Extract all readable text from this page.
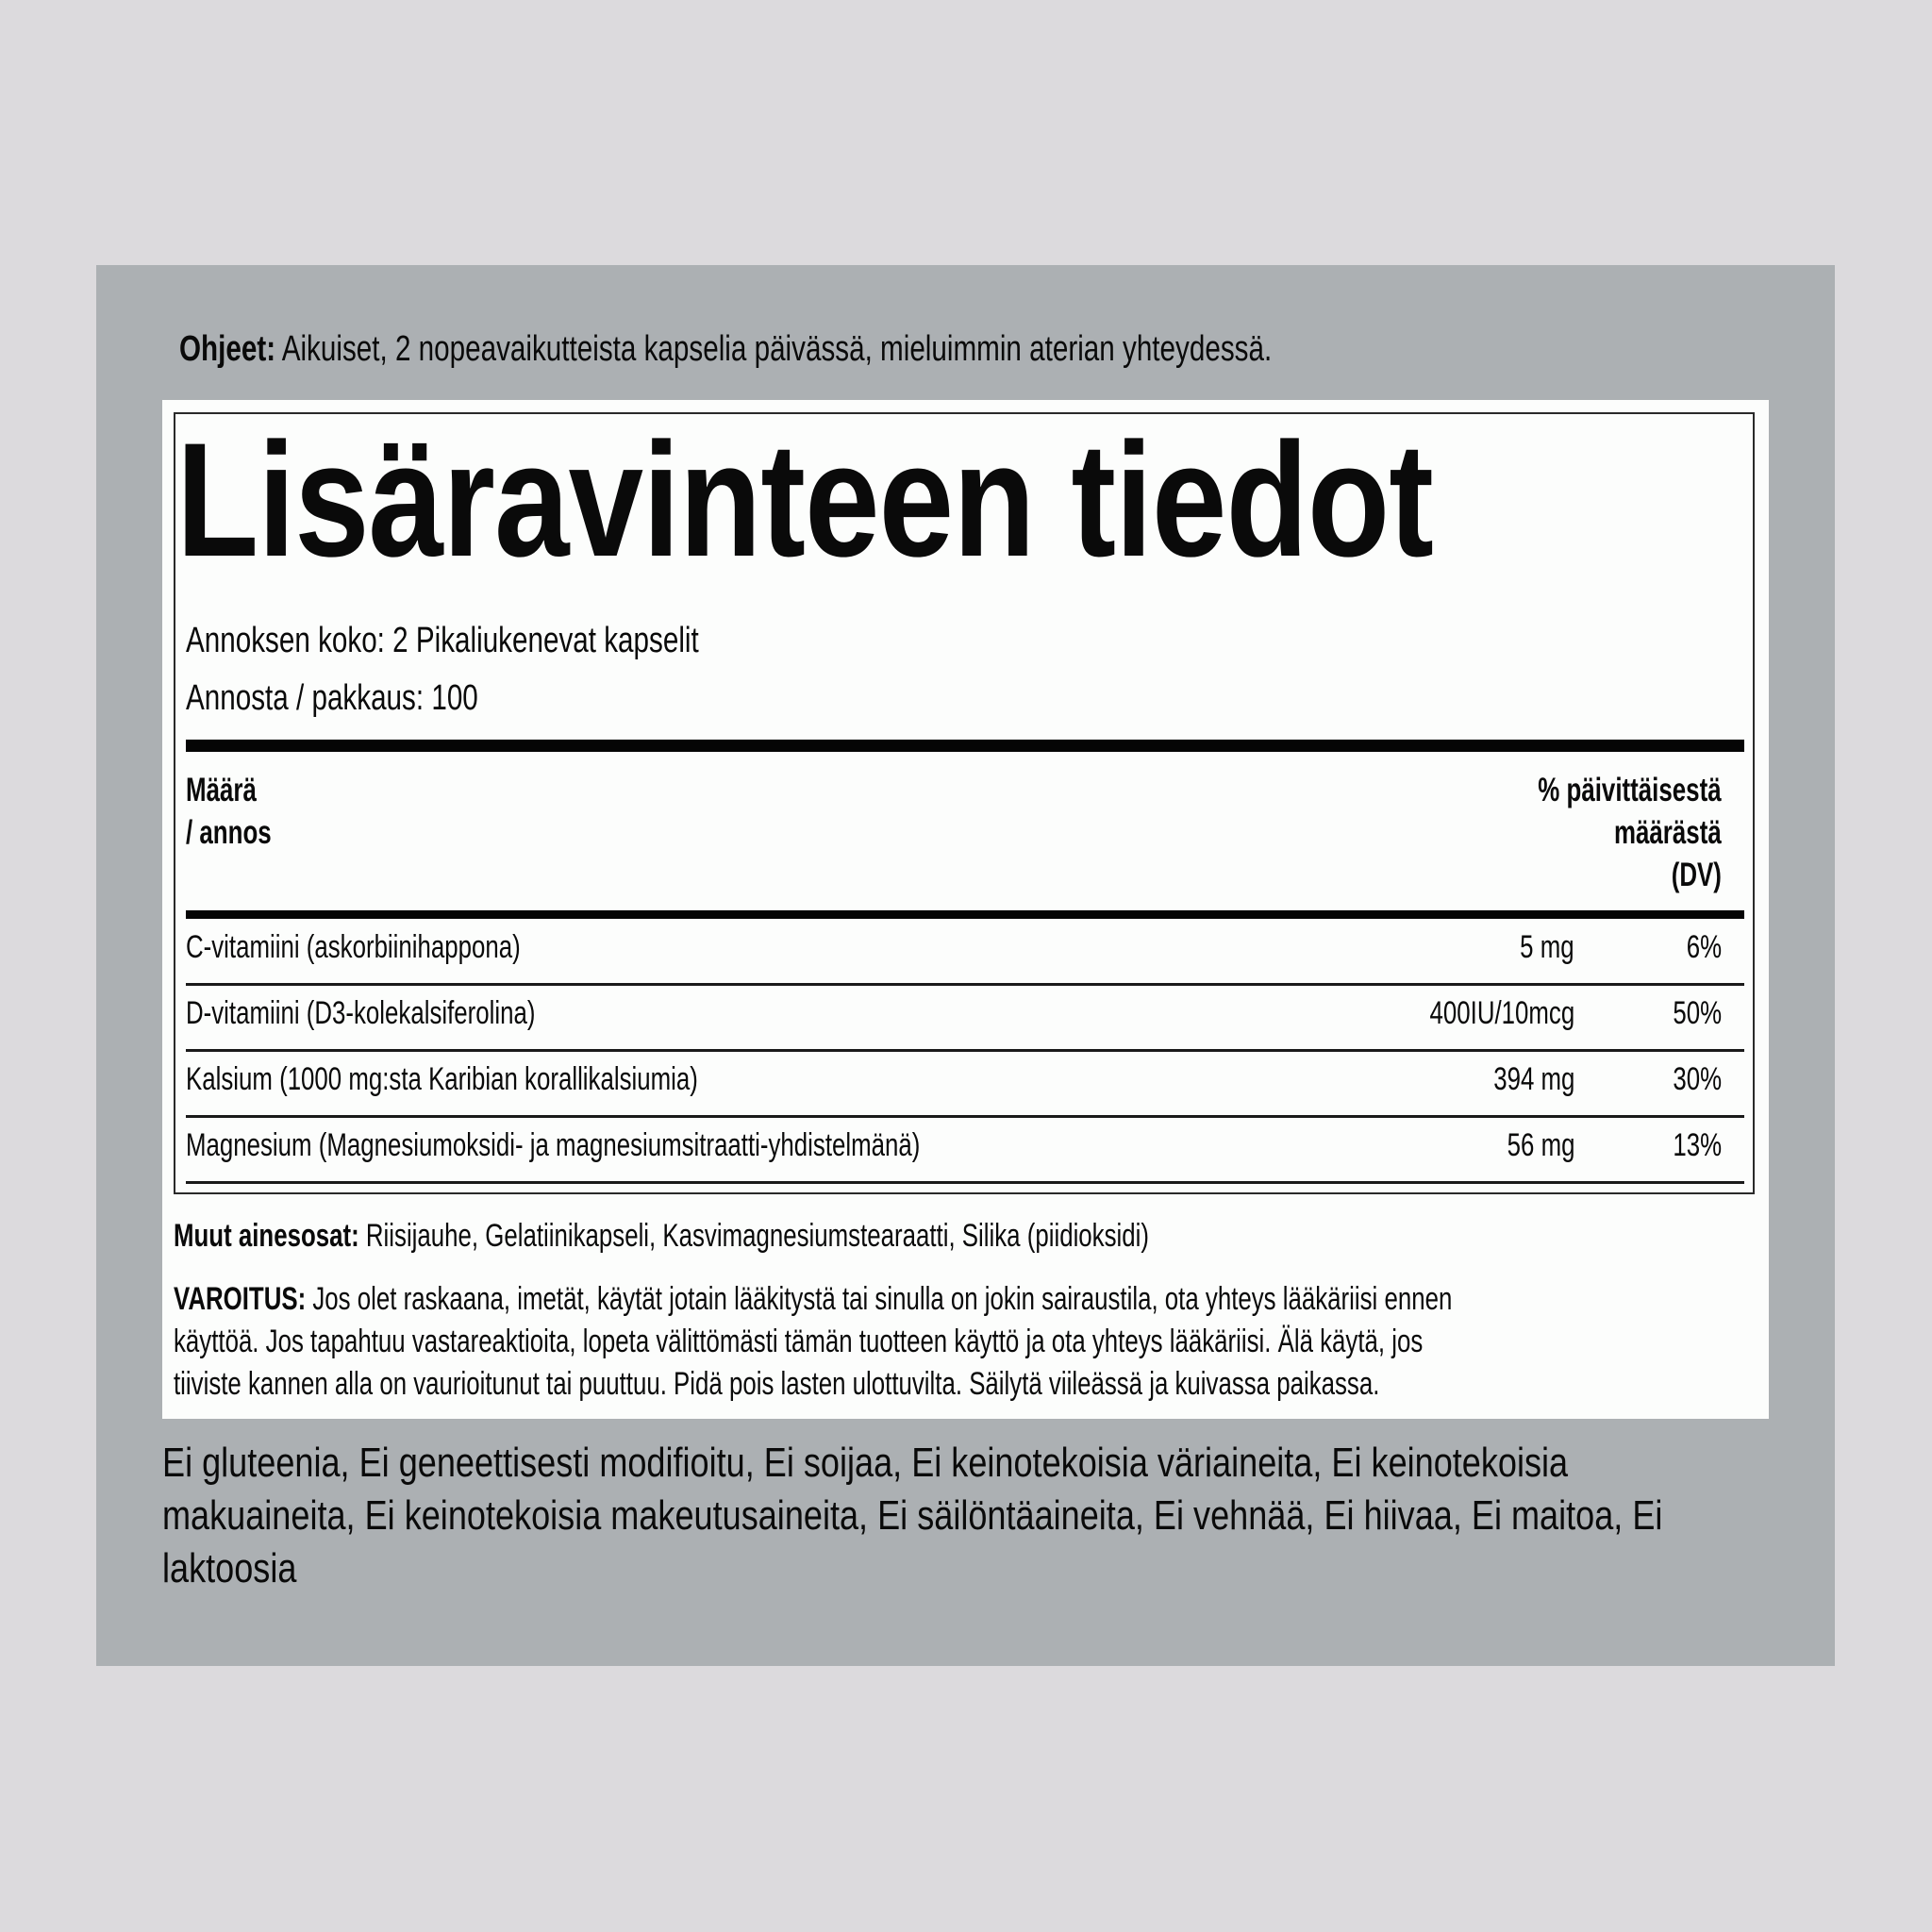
Ohjeet: Aikuiset, 2 nopeavaikutteista kapselia päivässä, mieluimmin aterian yhteydessä.
Lisäravinteen tiedot
Annoksen koko: 2 Pikaliukenevat kapselit
Annosta / pakkaus: 100
Määrä
/ annos
% päivittäisestä
määrästä
(DV)
C-vitamiini (askorbiinihappona)	5 mg	6%
D-vitamiini (D3-kolekalsiferolina)	400IU/10mcg	50%
Kalsium (1000 mg:sta Karibian korallikalsiumia)	394 mg	30%
Magnesium (Magnesiumoksidi- ja magnesiumsitraatti-yhdistelmänä)	56 mg	13%
Muut ainesosat: Riisijauhe, Gelatiinikapseli, Kasvimagnesiumstearaatti, Silika (piidioksidi)
VAROITUS: Jos olet raskaana, imetät, käytät jotain lääkitystä tai sinulla on jokin sairaustila, ota yhteys lääkäriisi ennen
käyttöä. Jos tapahtuu vastareaktioita, lopeta välittömästi tämän tuotteen käyttö ja ota yhteys lääkäriisi. Älä käytä, jos
tiiviste kannen alla on vaurioitunut tai puuttuu. Pidä pois lasten ulottuvilta. Säilytä viileässä ja kuivassa paikassa.
Ei gluteenia, Ei geneettisesti modifioitu, Ei soijaa, Ei keinotekoisia väriaineita, Ei keinotekoisia
makuaineita, Ei keinotekoisia makeutusaineita, Ei säilöntäaineita, Ei vehnää, Ei hiivaa, Ei maitoa, Ei
laktoosia
